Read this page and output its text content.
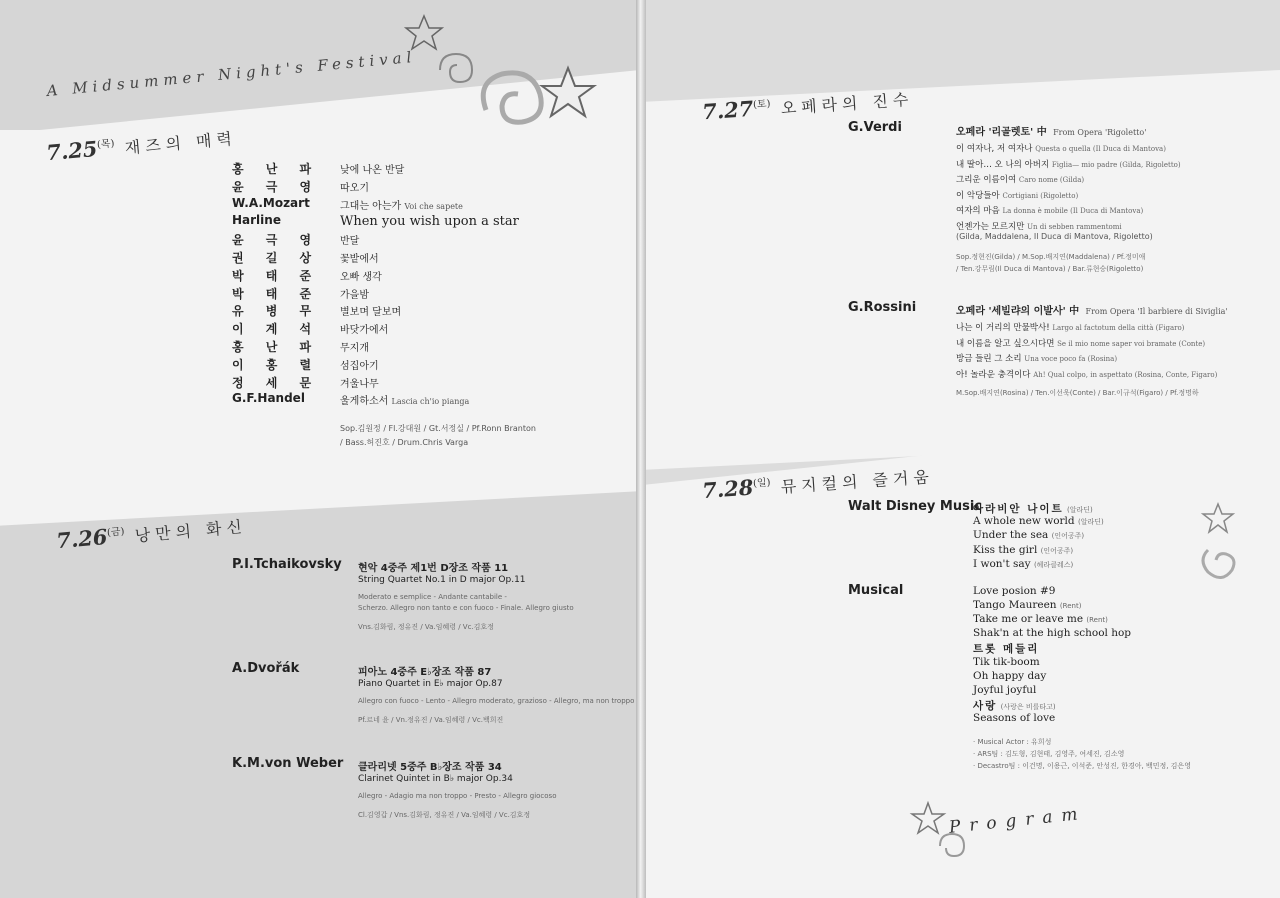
A Midsummer Night's Festival
$7.25^{(목)}$ 재즈의 매력
홍 난 파 낮에 나온 반달
윤 극 영 따오기
W.A.Mozart	그대는 아는가 Voi che sapete
Harline	When you wish upon a star
윤 극 영 반달
권 길 상 꽃밭에서
박 태 준 오빠 생각
박 태 준 가을밤
유 병 무 별보며 달보며
이 계 석 바닷가에서
홍 난 파 무지개
이 홍 렬 섬집아기
정 세 문 겨울나무
G.F.Handel	울게하소서 Lascia ch'io pianga
Sop.김원정 / Fl.강대원 / Gt.서정실 / Pf.Ronn Branton
/ Bass.허진호 / Drum.Chris Varga
$7.26^{(금)}$ 낭만의 화신
P.I.Tchaikovsky 현악 4중주 제1번 D장조 작품 11
String Quartet No.1 in D major Op.11
Moderato e semplice - Andante cantabile -
Scherzo. Allegro non tanto e con fuoco - Finale. Allegro giusto
Vns.김화림, 정유진 / Va.임혜령 / Vc.김호정
A.Dvořák	피아노 4중주 E♭장조 작품 87
Piano Quartet in E♭ major Op.87
Allegro con fuoco - Lento - Allegro moderato, grazioso - Allegro, ma non troppo
Pf.르네 윤 / Vn.정유진 / Va.임혜령 / Vc.백희진
K.M.von Weber 클라리넷 5중주 B♭장조 작품 34
Clarinet Quintet in B♭ major Op.34
Allegro - Adagio ma non troppo - Presto - Allegro giocoso
Cl.김영갑 / Vns.김화림, 정유진 / Va.임혜령 / Vc.김호정
$7.27^{(토)}$ 오페라의 진수
G.Verdi	오페라 '리골렛토' 中 From Opera 'Rigoletto'
이 여자나, 저 여자나 Questa o quella (Il Duca di Mantova)
내 딸아… 오 나의 아버지 Figlia— mio padre (Gilda, Rigoletto)
그리운 이름이여 Caro nome (Gilda)
이 악당들아 Cortigiani (Rigoletto)
여자의 마음 La donna è mobile (Il Duca di Mantova)
언젠가는 모르지만 Un di sebben rammentomi
(Gilda, Maddalena, Il Duca di Mantova, Rigoletto)
Sop.정현진(Gilda) / M.Sop.배지연(Maddalena) / Pf.정미애
/ Ten.강무림(Il Duca di Mantova) / Bar.류현승(Rigoletto)
G.Rossini	오페라 '세빌랴의 이발사' 中 From Opera 'Il barbiere di Siviglia'
나는 이 거리의 만물박사! Largo al factotum della città (Figaro)
내 이름을 알고 싶으시다면 Se il mio nome saper voi bramate (Conte)
방금 들린 그 소리 Una voce poco fa (Rosina)
아! 놀라운 충격이다 Ah! Qual colpo, in aspettato (Rosina, Conte, Figaro)
M.Sop.배지연(Rosina) / Ten.이선욱(Conte) / Bar.이규석(Figaro) / Pf.정명하
$7.28^{(일)}$ 뮤지컬의 즐거움
Walt Disney Music
아라비안 나이트 (알라딘)
A whole new world (알라딘)
Under the sea (인어공주)
Kiss the girl (인어공주)
I won't say (헤라클레스)
Musical	Love posion #9
Tango Maureen (Rent)
Take me or leave me (Rent)
Shak'n at the high school hop
트롯 메들리
Tik tik-boom
Oh happy day
Joyful joyful
사랑 (사랑은 비를타고)
Seasons of love
· Musical Actor : 유희성
· ARS팀 : 김도형, 김현태, 김영주, 여세진, 김소영
· Decastro팀 : 이건명, 이용근, 이석준, 안성진, 한경아, 백민정, 김은영
Program
